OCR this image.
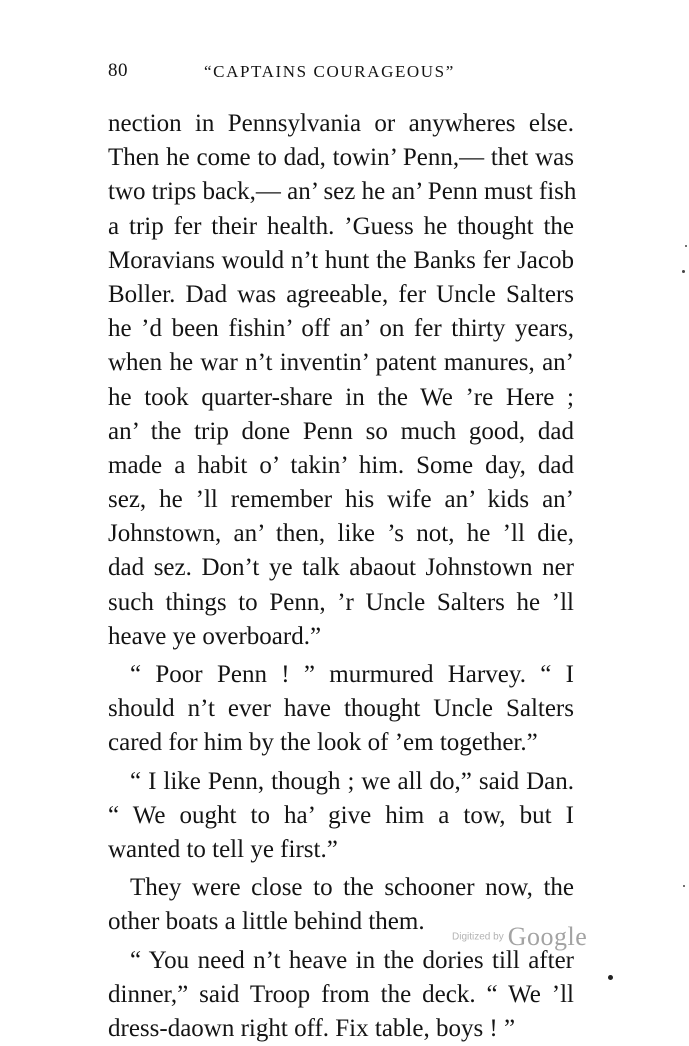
80	“CAPTAINS COURAGEOUS”
nection in Pennsylvania or anywheres else.
Then he come to dad, towin’ Penn,— thet was
two trips back,— an’ sez he an’ Penn must fish
a trip fer their health. ’Guess he thought the
Moravians would n’t hunt the Banks fer Jacob
Boller. Dad was agreeable, fer Uncle Salters
he ’d been fishin’ off an’ on fer thirty years,
when he war n’t inventin’ patent manures, an’
he took quarter-share in the We ’re Here ;
an’ the trip done Penn so much good, dad
made a habit o’ takin’ him. Some day, dad
sez, he ’ll remember his wife an’ kids an’
Johnstown, an’ then, like ’s not, he ’ll die,
dad sez. Don’t ye talk abaout Johnstown ner
such things to Penn, ’r Uncle Salters he ’ll
heave ye overboard.”
“ Poor Penn ! ” murmured Harvey. “ I
should n’t ever have thought Uncle Salters
cared for him by the look of ’em together.”
“ I like Penn, though ; we all do,” said Dan.
“ We ought to ha’ give him a tow, but I
wanted to tell ye first.”
They were close to the schooner now, the
other boats a little behind them.
“ You need n’t heave in the dories till after
dinner,” said Troop from the deck. “ We ’ll
dress-daown right off. Fix table, boys ! ”
Digitized by Google
